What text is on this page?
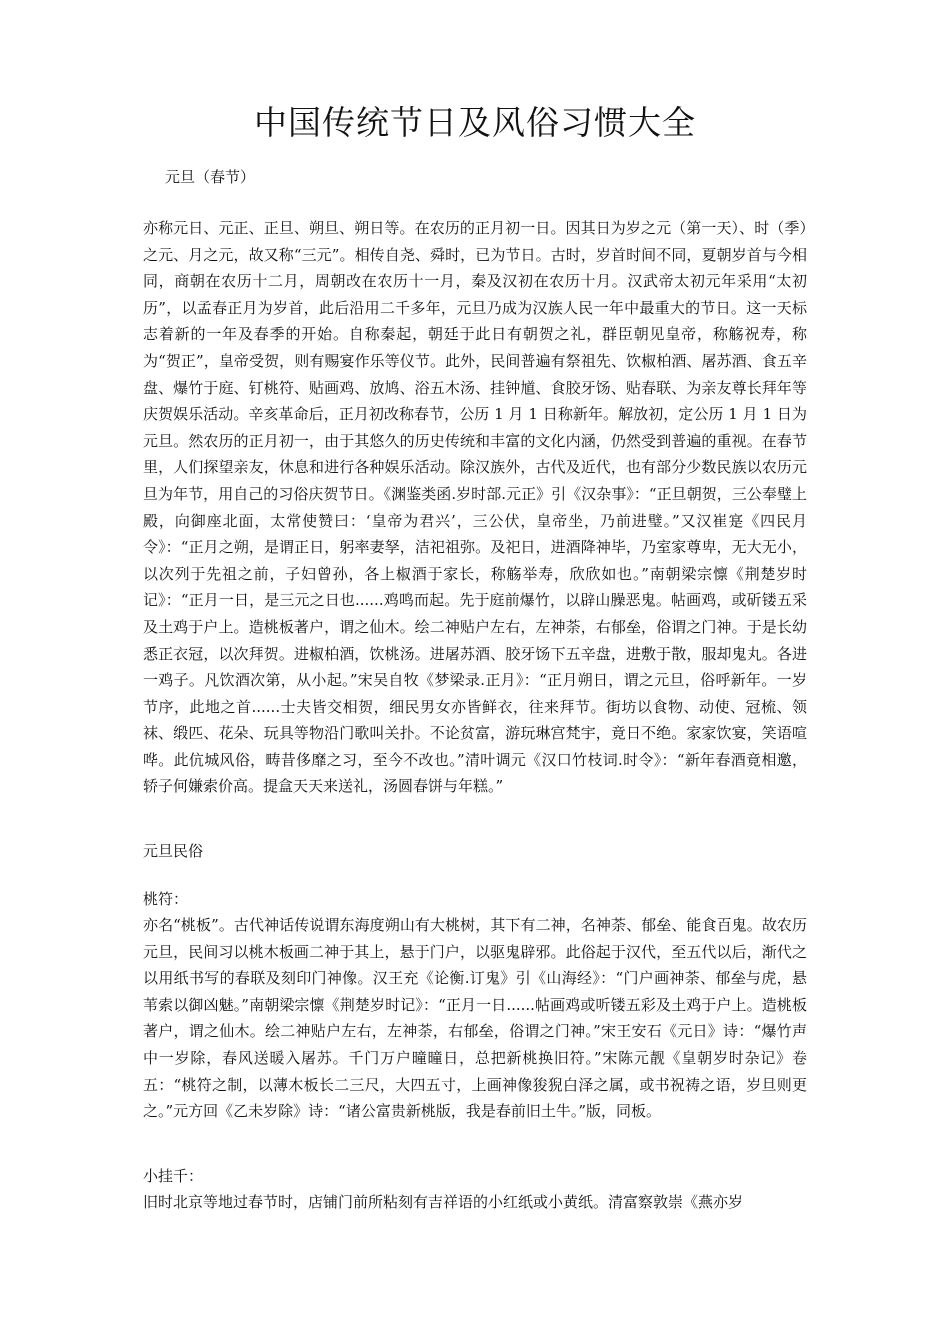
中国传统节日及风俗习惯大全

元旦（春节）

亦称元日、元正、正旦、朔旦、朔日等。在农历的正月初一日。因其日为岁之元（第一天）、时（季）之元、月之元，故又称“三元”。相传自尧、舜时，已为节日。古时，岁首时间不同，夏朝岁首与今相同，商朝在农历十二月，周朝改在农历十一月，秦及汉初在农历十月。汉武帝太初元年采用“太初历”，以孟春正月为岁首，此后沿用二千多年，元旦乃成为汉族人民一年中最重大的节日。这一天标志着新的一年及春季的开始。自称秦起，朝廷于此日有朝贺之礼，群臣朝见皇帝，称觞祝寿，称为“贺正”，皇帝受贺，则有赐宴作乐等仪节。此外，民间普遍有祭祖先、饮椒柏酒、屠苏酒、食五辛盘、爆竹于庭、钉桃符、贴画鸡、放鸠、浴五木汤、挂钟馗、食胶牙饧、贴春联、为亲友尊长拜年等庆贺娱乐活动。辛亥革命后，正月初改称春节，公历 1 月 1 日称新年。解放初，定公历 1 月 1 日为元旦。然农历的正月初一，由于其悠久的历史传统和丰富的文化内涵，仍然受到普遍的重视。在春节里，人们探望亲友，休息和进行各种娱乐活动。除汉族外，古代及近代，也有部分少数民族以农历元旦为年节，用自己的习俗庆贺节日。《渊鉴类函.岁时部.元正》引《汉杂事》：“正旦朝贺，三公奉璧上殿，向御座北面，太常使赞曰：‘皇帝为君兴’，三公伏，皇帝坐，乃前进璧。”又汉崔寔《四民月令》：“正月之朔，是谓正日，躬率妻孥，洁祀祖弥。及祀日，进酒降神毕，乃室家尊卑，无大无小，以次列于先祖之前，子妇曾孙，各上椒酒于家长，称觞举寿，欣欣如也。”南朝梁宗懔《荆楚岁时记》：“正月一日，是三元之日也......鸡鸣而起。先于庭前爆竹，以辟山臊恶鬼。帖画鸡，或斫镂五采及土鸡于户上。造桃板著户，谓之仙木。绘二神贴户左右，左神荼，右郁垒，俗谓之门神。于是长幼悉正衣冠，以次拜贺。进椒柏酒，饮桃汤。进屠苏酒、胶牙饧下五辛盘，进敷于散，服却鬼丸。各进一鸡子。凡饮酒次第，从小起。”宋吴自牧《梦梁录.正月》：“正月朔日，谓之元旦，俗呼新年。一岁节序，此地之首......士夫皆交相贺，细民男女亦皆鲜衣，往来拜节。街坊以食物、动使、冠梳、领袜、缎匹、花朵、玩具等物沿门歌叫关扑。不论贫富，游玩琳宫梵宇，竟日不绝。家家饮宴，笑语喧哗。此伉城风俗，畴昔侈靡之习，至今不改也。”清叶调元《汉口竹枝词.时令》：“新年春酒竟相邀，轿子何嫌索价高。提盒天天来送礼，汤圆春饼与年糕。”

元旦民俗

桃符：

亦名“桃板”。古代神话传说谓东海度朔山有大桃树，其下有二神，名神荼、郁垒、能食百鬼。故农历元旦，民间习以桃木板画二神于其上，悬于门户，以驱鬼辟邪。此俗起于汉代，至五代以后，渐代之以用纸书写的春联及刻印门神像。汉王充《论衡.订鬼》引《山海经》：“门户画神荼、郁垒与虎，悬苇索以御凶魅。”南朝梁宗懔《荆楚岁时记》：“正月一日......帖画鸡或听镂五彩及土鸡于户上。造桃板著户，谓之仙木。绘二神贴户左右，左神荼，右郁垒，俗谓之门神。”宋王安石《元日》诗：“爆竹声中一岁除，春风送暖入屠苏。千门万户曈曈日，总把新桃换旧符。”宋陈元靓《皇朝岁时杂记》卷五：“桃符之制，以薄木板长二三尺，大四五寸，上画神像狻猊白泽之属，或书祝祷之语，岁旦则更之。”元方回《乙未岁除》诗：“诸公富贵新桃版，我是春前旧土牛。”版，同板。

小挂千：

旧时北京等地过春节时，店铺门前所粘刻有吉祥语的小红纸或小黄纸。清富察敦崇《燕亦岁
